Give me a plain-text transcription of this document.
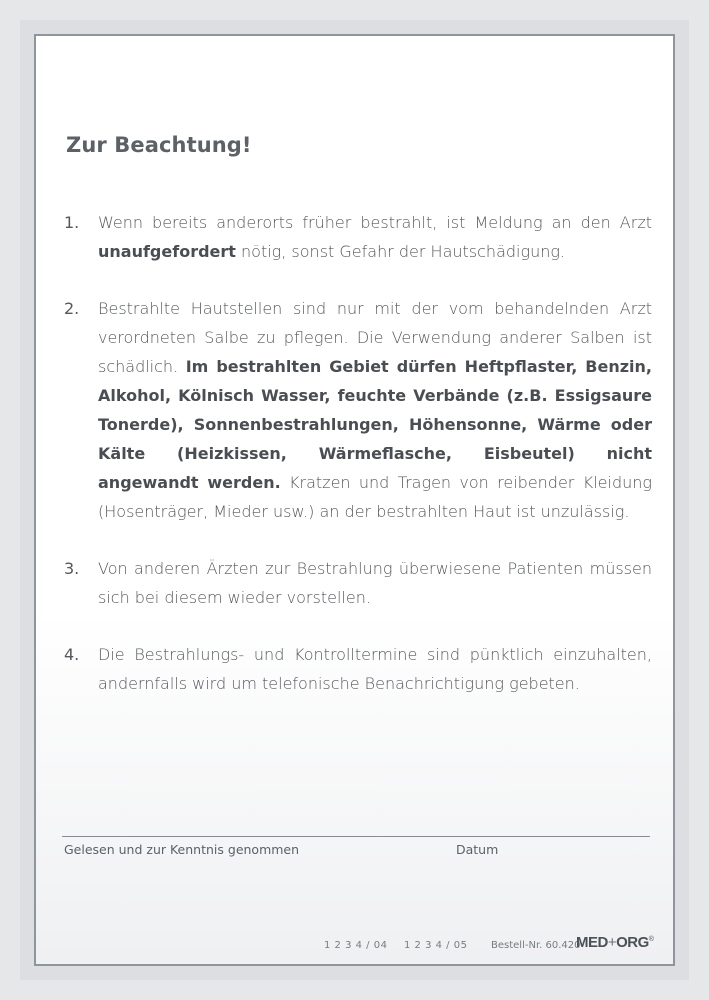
Zur Beachtung!
1.	Wenn bereits anderorts früher bestrahlt, ist Meldung an den Arzt unaufgefordert nötig, sonst Gefahr der Hautschädigung.
2.	Bestrahlte Hautstellen sind nur mit der vom behandelnden Arzt verordneten Salbe zu pflegen. Die Verwendung anderer Salben ist schädlich. Im bestrahlten Gebiet dürfen Heftpflaster, Benzin, Alkohol, Kölnisch Wasser, feuchte Verbände (z.B. Essigsaure Tonerde), Sonnenbestrahlungen, Höhensonne, Wärme oder Kälte (Heizkissen, Wärmeflasche, Eisbeutel) nicht angewandt werden. Kratzen und Tragen von reibender Kleidung (Hosenträger, Mieder usw.) an der bestrahlten Haut ist unzulässig.
3.	Von anderen Ärzten zur Bestrahlung überwiesene Patienten müssen sich bei diesem wieder vorstellen.
4.	Die Bestrahlungs- und Kontrolltermine sind pünktlich einzuhalten, andernfalls wird um telefonische Benachrichtigung gebeten.
Gelesen und zur Kenntnis genommen	Datum
1 2 3 4 / 04 1 2 3 4 / 05 Bestell-Nr. 60.420
MED+ORG®
